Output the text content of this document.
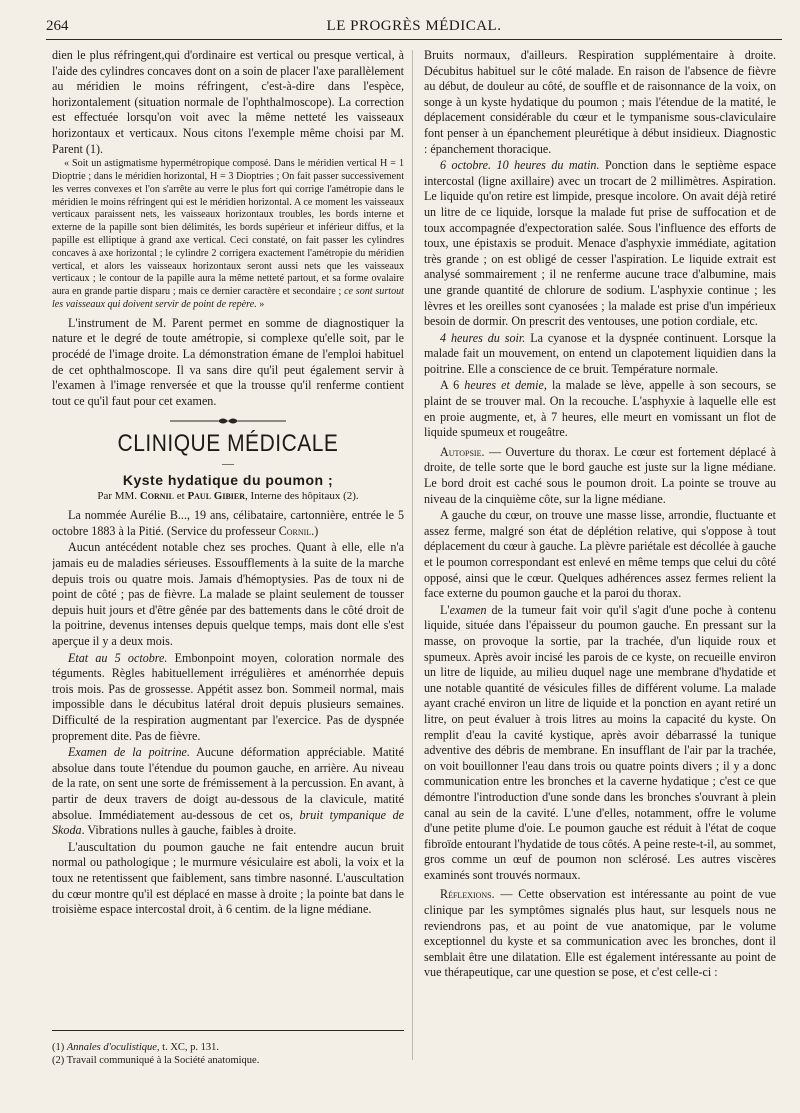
264	LE PROGRÈS MÉDICAL.

dien le plus réfringent,qui d'ordinaire est vertical ou presque vertical, à l'aide des cylindres concaves dont on a soin de placer l'axe parallèlement au méridien le moins réfringent, c'est-à-dire dans l'espèce, horizontalement (situation normale de l'ophthalmoscope). La correction est effectuée lorsqu'on voit avec la même netteté les vaisseaux horizontaux et verticaux. Nous citons l'exemple même choisi par M. Parent (1).

« Soit un astigmatisme hypermétropique composé. Dans le méridien vertical H = 1 Dioptrie ; dans le méridien horizontal, H = 3 Dioptries ; On fait passer successivement les verres convexes et l'on s'arrête au verre le plus fort qui corrige l'amétropie dans le méridien le moins réfringent qui est le méridien horizontal. A ce moment les vaisseaux verticaux paraissent nets, les vaisseaux horizontaux troubles, les bords interne et externe de la papille sont bien délimités, les bords supérieur et inférieur diffus, et la papille est elliptique à grand axe vertical. Ceci constaté, on fait passer les cylindres concaves à axe horizontal ; le cylindre 2 corrigera exactement l'amétropie du méridien vertical, et alors les vaisseaux horizontaux seront aussi nets que les vaisseaux verticaux ; le contour de la papille aura la même netteté partout, et sa forme ovalaire aura en grande partie disparu ; mais ce dernier caractère et secondaire ; ce sont surtout les vaisseaux qui doivent servir de point de repère. »

L'instrument de M. Parent permet en somme de diagnostiquer la nature et le degré de toute amétropie, si complexe qu'elle soit, par le procédé de l'image droite. La démonstration émane de l'emploi habituel de cet ophthalmoscope. Il va sans dire qu'il peut également servir à l'examen à l'image renversée et que la trousse qu'il renferme contient tout ce qu'il faut pour cet examen.

CLINIQUE MÉDICALE
—
Kyste hydatique du poumon ;
Par MM. Cornil et Paul Gibier, Interne des hôpitaux (2).

La nommée Aurélie B..., 19 ans, célibataire, cartonnière, entrée le 5 octobre 1883 à la Pitié. (Service du professeur Cornil.)

Aucun antécédent notable chez ses proches. Quant à elle, elle n'a jamais eu de maladies sérieuses. Essoufflements à la suite de la marche depuis trois ou quatre mois. Jamais d'hémoptysies. Pas de toux ni de point de côté ; pas de fièvre. La malade se plaint seulement de tousser depuis huit jours et d'être gênée par des battements dans le côté droit de la poitrine, devenus intenses depuis quelque temps, mais dont elle s'est aperçue il y a deux mois.

Etat au 5 octobre. Embonpoint moyen, coloration normale des téguments. Règles habituellement irrégulières et aménorrhée depuis trois mois. Pas de grossesse. Appétit assez bon. Sommeil normal, mais impossible dans le décubitus latéral droit depuis plusieurs semaines. Difficulté de la respiration augmentant par l'exercice. Pas de dyspnée proprement dite. Pas de fièvre.

Examen de la poitrine. Aucune déformation appréciable. Matité absolue dans toute l'étendue du poumon gauche, en arrière. Au niveau de la rate, on sent une sorte de frémissement à la percussion. En avant, à partir de deux travers de doigt au-dessous de la clavicule, matité absolue. Immédiatement au-dessous de cet os, bruit tympanique de Skoda. Vibrations nulles à gauche, faibles à droite.

L'auscultation du poumon gauche ne fait entendre aucun bruit normal ou pathologique ; le murmure vésiculaire est aboli, la voix et la toux ne retentissent que faiblement, sans timbre nasonné. L'auscultation du cœur montre qu'il est déplacé en masse à droite ; la pointe bat dans le troisième espace intercostal droit, à 6 centim. de la ligne médiane.

(1) Annales d'oculistique, t. XC, p. 131.
(2) Travail communiqué à la Société anatomique.

Bruits normaux, d'ailleurs. Respiration supplémentaire à droite. Décubitus habituel sur le côté malade. En raison de l'absence de fièvre au début, de douleur au côté, de souffle et de raisonnance de la voix, on songe à un kyste hydatique du poumon ; mais l'étendue de la matité, le déplacement considérable du cœur et le tympanisme sous-claviculaire font penser à un épanchement pleurétique à début insidieux. Diagnostic : épanchement thoracique.

6 octobre. 10 heures du matin. Ponction dans le septième espace intercostal (ligne axillaire) avec un trocart de 2 millimètres. Aspiration. Le liquide qu'on retire est limpide, presque incolore. On avait déjà retiré un litre de ce liquide, lorsque la malade fut prise de suffocation et de toux accompagnée d'expectoration salée. Sous l'influence des efforts de toux, une épistaxis se produit. Menace d'asphyxie immédiate, agitation très grande ; on est obligé de cesser l'aspiration. Le liquide extrait est analysé sommairement ; il ne renferme aucune trace d'albumine, mais une grande quantité de chlorure de sodium. L'asphyxie continue ; les lèvres et les oreilles sont cyanosées ; la malade est prise d'un impérieux besoin de dormir. On prescrit des ventouses, une potion cordiale, etc.

4 heures du soir. La cyanose et la dyspnée continuent. Lorsque la malade fait un mouvement, on entend un clapotement liquidien dans la poitrine. Elle a conscience de ce bruit. Température normale.

A 6 heures et demie, la malade se lève, appelle à son secours, se plaint de se trouver mal. On la recouche. L'asphyxie à laquelle elle est en proie augmente, et, à 7 heures, elle meurt en vomissant un flot de liquide spumeux et rougeâtre.

Autopsie. — Ouverture du thorax. Le cœur est fortement déplacé à droite, de telle sorte que le bord gauche est juste sur la ligne médiane. Le bord droit est caché sous le poumon droit. La pointe se trouve au niveau de la cinquième côte, sur la ligne médiane.

A gauche du cœur, on trouve une masse lisse, arrondie, fluctuante et assez ferme, malgré son état de déplétion relative, qui s'oppose à tout déplacement du cœur à gauche. La plèvre pariétale est décollée à gauche et le poumon correspondant est enlevé en même temps que celui du côté opposé, ainsi que le cœur. Quelques adhérences assez fermes relient la face externe du poumon gauche et la paroi du thorax.

L'examen de la tumeur fait voir qu'il s'agit d'une poche à contenu liquide, située dans l'épaisseur du poumon gauche. En pressant sur la masse, on provoque la sortie, par la trachée, d'un liquide roux et spumeux. Après avoir incisé les parois de ce kyste, on recueille environ un litre de liquide, au milieu duquel nage une membrane d'hydatide et une notable quantité de vésicules filles de différent volume. La malade ayant craché environ un litre de liquide et la ponction en ayant retiré un litre, on peut évaluer à trois litres au moins la capacité du kyste. On remplit d'eau la cavité kystique, après avoir débarrassé la tunique adventive des débris de membrane. En insufflant de l'air par la trachée, on voit bouillonner l'eau dans trois ou quatre points divers ; il y a donc communication entre les bronches et la caverne hydatique ; c'est ce que démontre l'introduction d'une sonde dans les bronches s'ouvrant à plein canal au sein de la cavité. L'une d'elles, notamment, offre le volume d'une petite plume d'oie. Le poumon gauche est réduit à l'état de coque fibroïde entourant l'hydatide de tous côtés. A peine reste-t-il, au sommet, gros comme un œuf de poumon non sclérosé. Les autres viscères examinés sont trouvés normaux.

Réflexions. — Cette observation est intéressante au point de vue clinique par les symptômes signalés plus haut, sur lesquels nous ne reviendrons pas, et au point de vue anatomique, par le volume exceptionnel du kyste et sa communication avec les bronches, dont il semblait être une dilatation. Elle est également intéressante au point de vue thérapeutique, car une question se pose, et c'est celle-ci :
